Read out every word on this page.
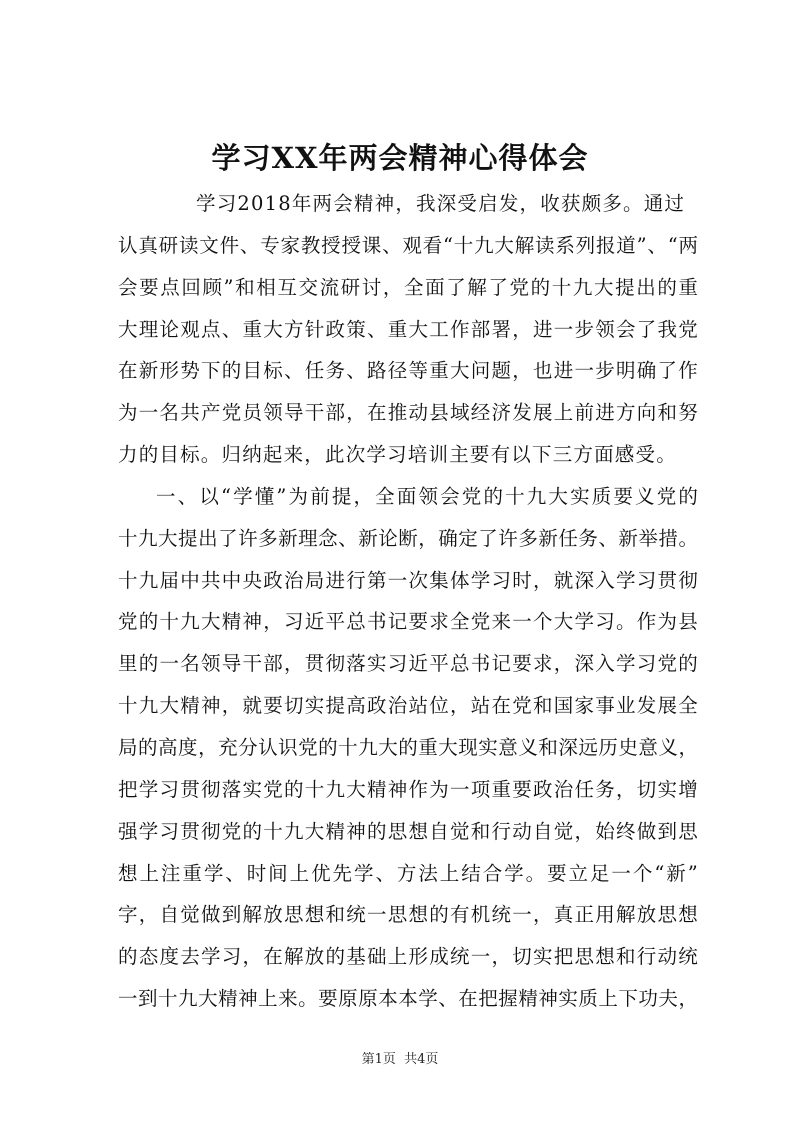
学习XX年两会精神心得体会
学习2018年两会精神，我深受启发，收获颇多。通过
认 真 研 读 文 件 、 专 家 教 授 授 课 、 观 看 “ 十 九 大 解 读 系 列 报 道 ” 、 “ 两
会 要 点 回 顾 ” 和 相 互 交 流 研 讨 ， 全 面 了 解 了 党 的 十 九 大 提 出 的 重
大 理 论 观 点 、 重 大 方 针 政 策 、 重 大 工 作 部 署 ， 进 一 步 领 会 了 我 党
在 新 形 势 下 的 目 标 、 任 务 、 路 径 等 重 大 问 题 ， 也 进 一 步 明 确 了 作
为 一 名 共 产 党 员 领 导 干 部 ， 在 推 动 县 域 经 济 发 展 上 前 进 方 向 和 努
力的目标。归纳起来，此次学习培训主要有以下三方面感受。
一 、 以 “ 学 懂 ” 为 前 提 ， 全 面 领 会 党 的 十 九 大 实 质 要 义 党 的
十 九 大 提 出 了 许 多 新 理 念 、 新 论 断 ， 确 定 了 许 多 新 任 务 、 新 举 措 。
十 九 届 中 共 中 央 政 治 局 进 行 第 一 次 集 体 学 习 时 ， 就 深 入 学 习 贯 彻
党 的 十 九 大 精 神 ， 习 近 平 总 书 记 要 求 全 党 来 一 个 大 学 习 。 作 为 县
里 的 一 名 领 导 干 部 ， 贯 彻 落 实 习 近 平 总 书 记 要 求 ， 深 入 学 习 党 的
十 九 大 精 神 ， 就 要 切 实 提 高 政 治 站 位 ， 站 在 党 和 国 家 事 业 发 展 全
局 的 高 度 ， 充 分 认 识 党 的 十 九 大 的 重 大 现 实 意 义 和 深 远 历 史 意 义 ，
把 学 习 贯 彻 落 实 党 的 十 九 大 精 神 作 为 一 项 重 要 政 治 任 务 ， 切 实 增
强 学 习 贯 彻 党 的 十 九 大 精 神 的 思 想 自 觉 和 行 动 自 觉 ， 始 终 做 到 思
想 上 注 重 学 、 时 间 上 优 先 学 、 方 法 上 结 合 学 。 要 立 足 一 个 “ 新 ”
字 ， 自 觉 做 到 解 放 思 想 和 统 一 思 想 的 有 机 统 一 ， 真 正 用 解 放 思 想
的 态 度 去 学 习 ， 在 解 放 的 基 础 上 形 成 统 一 ， 切 实 把 思 想 和 行 动 统
一 到 十 九 大 精 神 上 来 。 要 原 原 本 本 学 、 在 把 握 精 神 实 质 上 下 功 夫 ，
第1页 共4页
